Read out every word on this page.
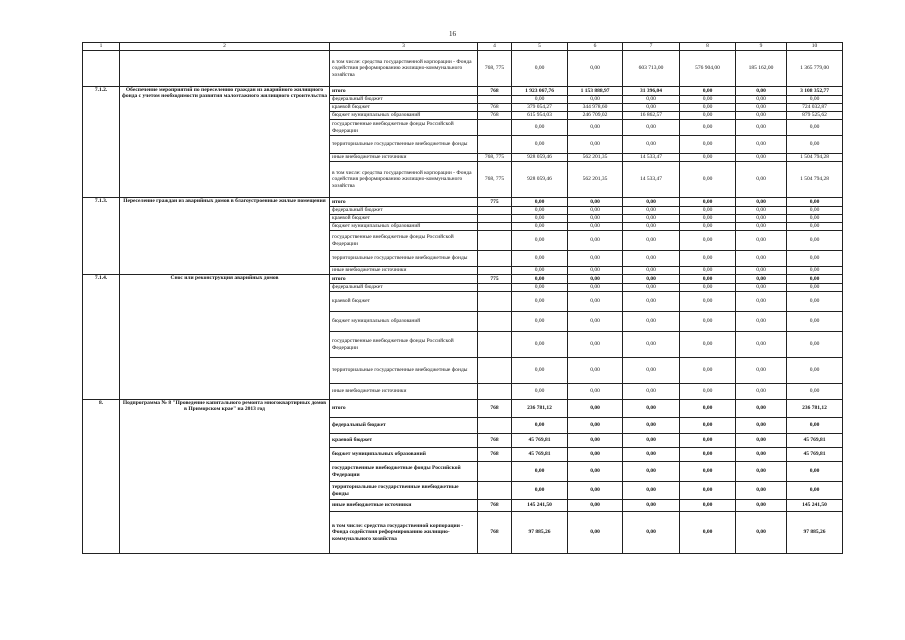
16
1	2	3	4	5	6	7	8	9	10
		в том числе: средства государственной корпорации - Фонда содействия реформированию жилищно-коммунального хозяйства	768, 775	0,00	0,00	603 713,00	576 904,00	185 162,00	1 365 779,00
7.1.2.	Обеспечение мероприятий по переселению граждан из аварийного жилищного фонда с учетом необходимости развития малоэтажного жилищного строительства	итого	768	1 923 067,76	1 153 888,97	31 396,04	0,00	0,00	3 108 352,77
		федеральный бюджет		0,00	0,00	0,00	0,00	0,00	0,00
		краевой бюджет	768	379 054,27	344 978,60	0,00	0,00	0,00	724 032,87
		бюджет муниципальных образований	768	615 954,03	246 709,02	16 862,57	0,00	0,00	879 525,62
		государственные внебюджетные фонды Российской Федерации		0,00	0,00	0,00	0,00	0,00	0,00
		территориальные государственные внебюджетные фонды		0,00	0,00	0,00	0,00	0,00	0,00
		иные внебюджетные источники	768, 775	928 059,46	562 201,35	14 533,47	0,00	0,00	1 504 794,28
		в том числе: средства государственной корпорации - Фонда содействия реформированию жилищно-коммунального хозяйства	768, 775	928 059,46	562 201,35	14 533,47	0,00	0,00	1 504 794,28
7.1.3.	Переселение граждан из аварийных домов в благоустроенные жилые помещения	итого	775	0,00	0,00	0,00	0,00	0,00	0,00
		федеральный бюджет		0,00	0,00	0,00	0,00	0,00	0,00
		краевой бюджет		0,00	0,00	0,00	0,00	0,00	0,00
		бюджет муниципальных образований		0,00	0,00	0,00	0,00	0,00	0,00
		государственные внебюджетные фонды Российской Федерации		0,00	0,00	0,00	0,00	0,00	0,00
		территориальные государственные внебюджетные фонды		0,00	0,00	0,00	0,00	0,00	0,00
		иные внебюджетные источники		0,00	0,00	0,00	0,00	0,00	0,00
7.1.4.	Снос или реконструкция аварийных домов	итого	775	0,00	0,00	0,00	0,00	0,00	0,00
		федеральный бюджет		0,00	0,00	0,00	0,00	0,00	0,00
		краевой бюджет		0,00	0,00	0,00	0,00	0,00	0,00
		бюджет муниципальных образований		0,00	0,00	0,00	0,00	0,00	0,00
		государственные внебюджетные фонды Российской Федерации		0,00	0,00	0,00	0,00	0,00	0,00
		территориальные государственные внебюджетные фонды		0,00	0,00	0,00	0,00	0,00	0,00
		иные внебюджетные источники		0,00	0,00	0,00	0,00	0,00	0,00
8.	Подпрограмма № 8 "Проведение капитального ремонта многоквартирных домов в Приморском крае" на 2013 год	итого	768	236 781,12	0,00	0,00	0,00	0,00	236 781,12
		федеральный бюджет		0,00	0,00	0,00	0,00	0,00	0,00
		краевой бюджет	768	45 769,81	0,00	0,00	0,00	0,00	45 769,81
		бюджет муниципальных образований	768	45 769,81	0,00	0,00	0,00	0,00	45 769,81
		государственные внебюджетные фонды Российской Федерации		0,00	0,00	0,00	0,00	0,00	0,00
		территориальные государственные внебюджетные фонды		0,00	0,00	0,00	0,00	0,00	0,00
		иные внебюджетные источники	768	145 241,50	0,00	0,00	0,00	0,00	145 241,50
		в том числе: средства государственной корпорации - Фонда содействия реформированию жилищно-коммунального хозяйства	768	97 885,26	0,00	0,00	0,00	0,00	97 885,26
